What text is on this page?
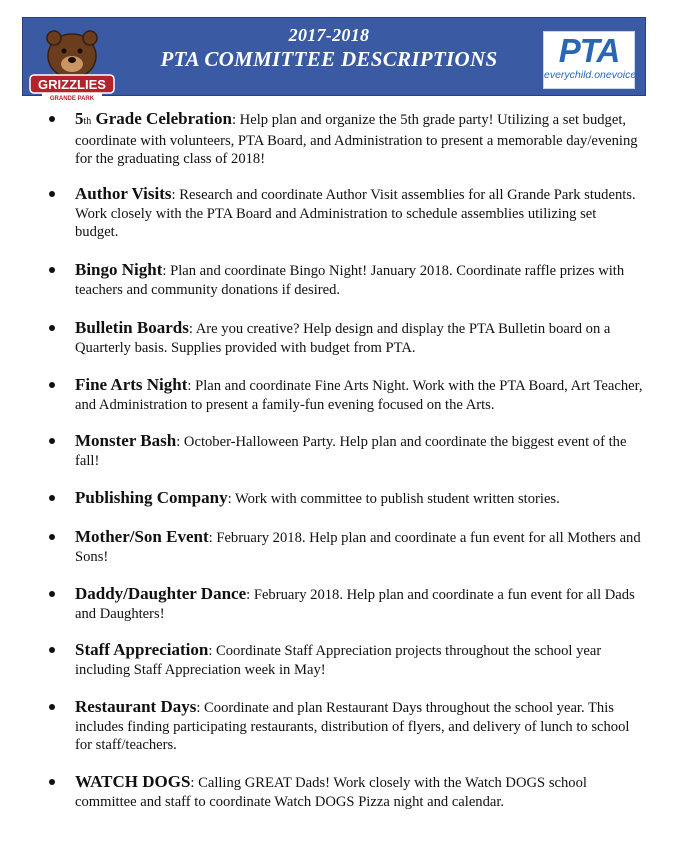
GRIZZLIES
GRANDE PARK
ELEMENTARY
2017-2018
PTA COMMITTEE DESCRIPTIONS	PTA
everychild.onevoice.
5th Grade Celebration: Help plan and organize the 5th grade party! Utilizing a set budget, coordinate with volunteers, PTA Board, and Administration to present a memorable day/evening for the graduating class of 2018!
Author Visits: Research and coordinate Author Visit assemblies for all Grande Park students. Work closely with the PTA Board and Administration to schedule assemblies utilizing set budget.
Bingo Night: Plan and coordinate Bingo Night! January 2018. Coordinate raffle prizes with teachers and community donations if desired.
Bulletin Boards: Are you creative? Help design and display the PTA Bulletin board on a Quarterly basis. Supplies provided with budget from PTA.
Fine Arts Night: Plan and coordinate Fine Arts Night. Work with the PTA Board, Art Teacher, and Administration to present a family-fun evening focused on the Arts.
Monster Bash: October-Halloween Party. Help plan and coordinate the biggest event of the fall!
Publishing Company: Work with committee to publish student written stories.
Mother/Son Event: February 2018. Help plan and coordinate a fun event for all Mothers and Sons!
Daddy/Daughter Dance: February 2018. Help plan and coordinate a fun event for all Dads and Daughters!
Staff Appreciation: Coordinate Staff Appreciation projects throughout the school year including Staff Appreciation week in May!
Restaurant Days: Coordinate and plan Restaurant Days throughout the school year. This includes finding participating restaurants, distribution of flyers, and delivery of lunch to school for staff/teachers.
WATCH DOGS: Calling GREAT Dads! Work closely with the Watch DOGS school committee and staff to coordinate Watch DOGS Pizza night and calendar.
